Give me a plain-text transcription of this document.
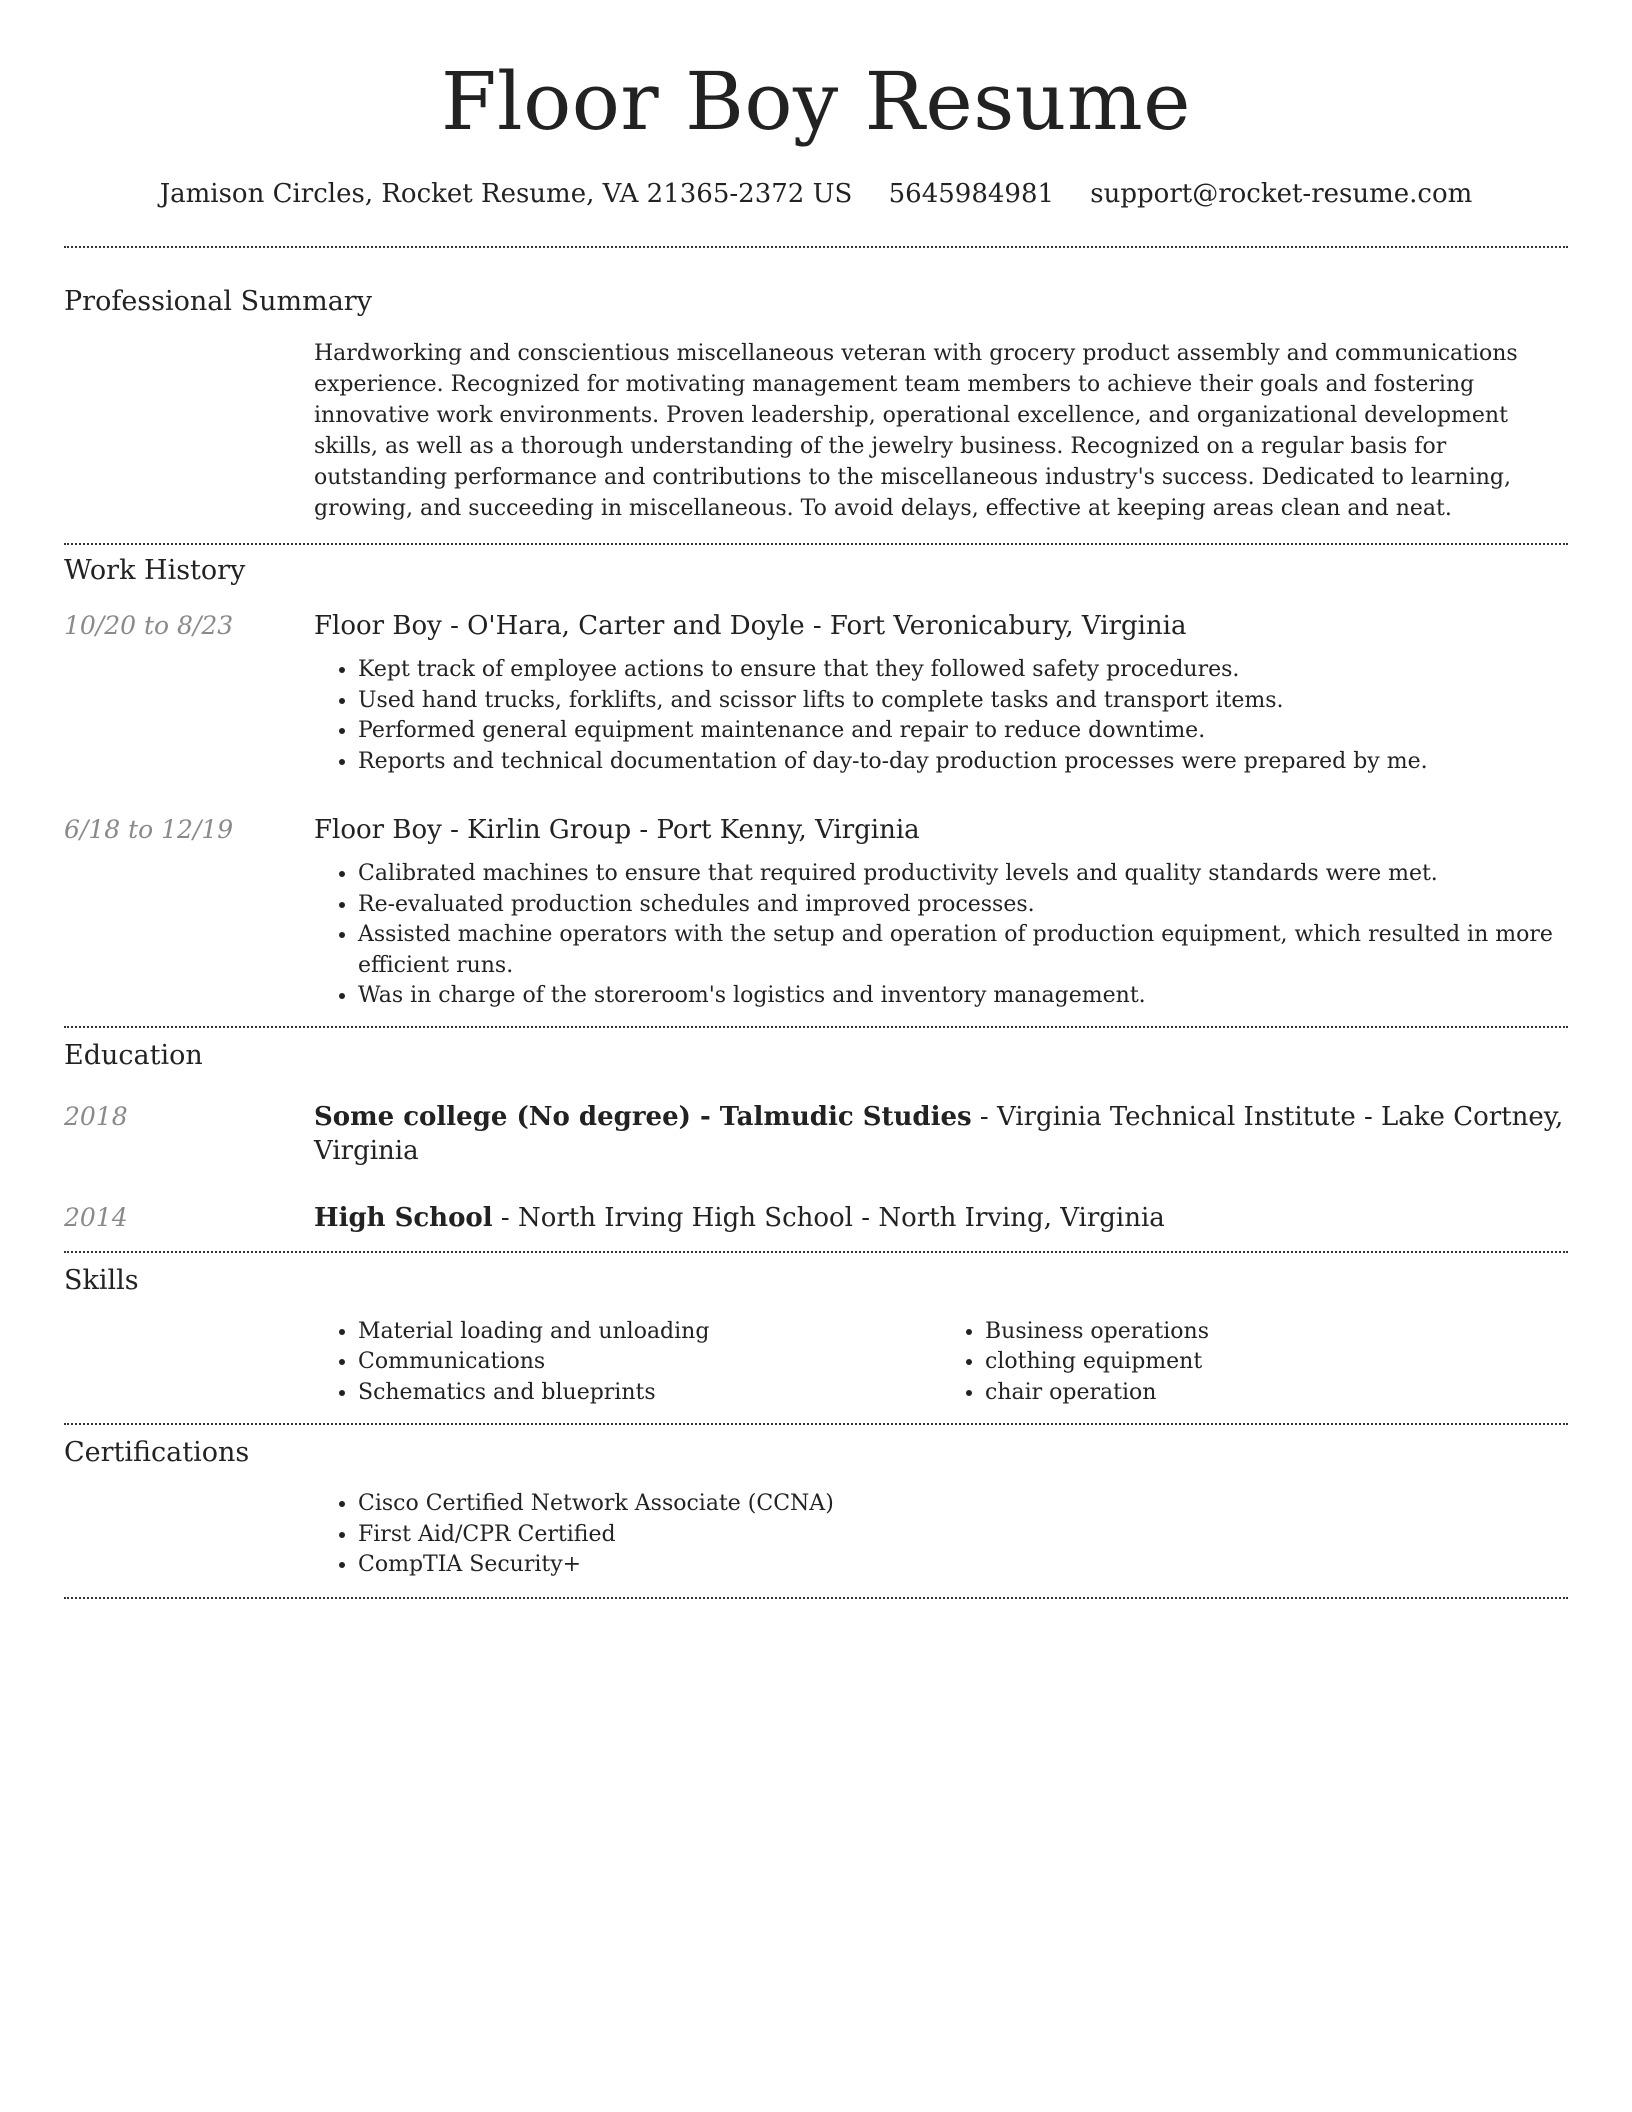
Floor Boy Resume
Jamison Circles, Rocket Resume, VA 21365-2372 US 5645984981 support@rocket-resume.com
Professional Summary

Hardworking and conscientious miscellaneous veteran with grocery product assembly and communications experience. Recognized for motivating management team members to achieve their goals and fostering innovative work environments. Proven leadership, operational excellence, and organizational development skills, as well as a thorough understanding of the jewelry business. Recognized on a regular basis for outstanding performance and contributions to the miscellaneous industry's success. Dedicated to learning, growing, and succeeding in miscellaneous. To avoid delays, effective at keeping areas clean and neat.

Work History
10/20 to 8/23	Floor Boy - O'Hara, Carter and Doyle - Fort Veronicabury, Virginia
• Kept track of employee actions to ensure that they followed safety procedures.
• Used hand trucks, forklifts, and scissor lifts to complete tasks and transport items.
• Performed general equipment maintenance and repair to reduce downtime.
• Reports and technical documentation of day-to-day production processes were prepared by me.
6/18 to 12/19	Floor Boy - Kirlin Group - Port Kenny, Virginia
• Calibrated machines to ensure that required productivity levels and quality standards were met.
• Re-evaluated production schedules and improved processes.
• Assisted machine operators with the setup and operation of production equipment, which resulted in more efficient runs.
• Was in charge of the storeroom's logistics and inventory management.
Education
2018	Some college (No degree) - Talmudic Studies - Virginia Technical Institute - Lake Cortney, Virginia
2014	High School - North Irving High School - North Irving, Virginia
Skills
• Material loading and unloading
• Communications
• Schematics and blueprints
• Business operations
• clothing equipment
• chair operation
Certifications
• Cisco Certified Network Associate (CCNA)
• First Aid/CPR Certified
• CompTIA Security+
